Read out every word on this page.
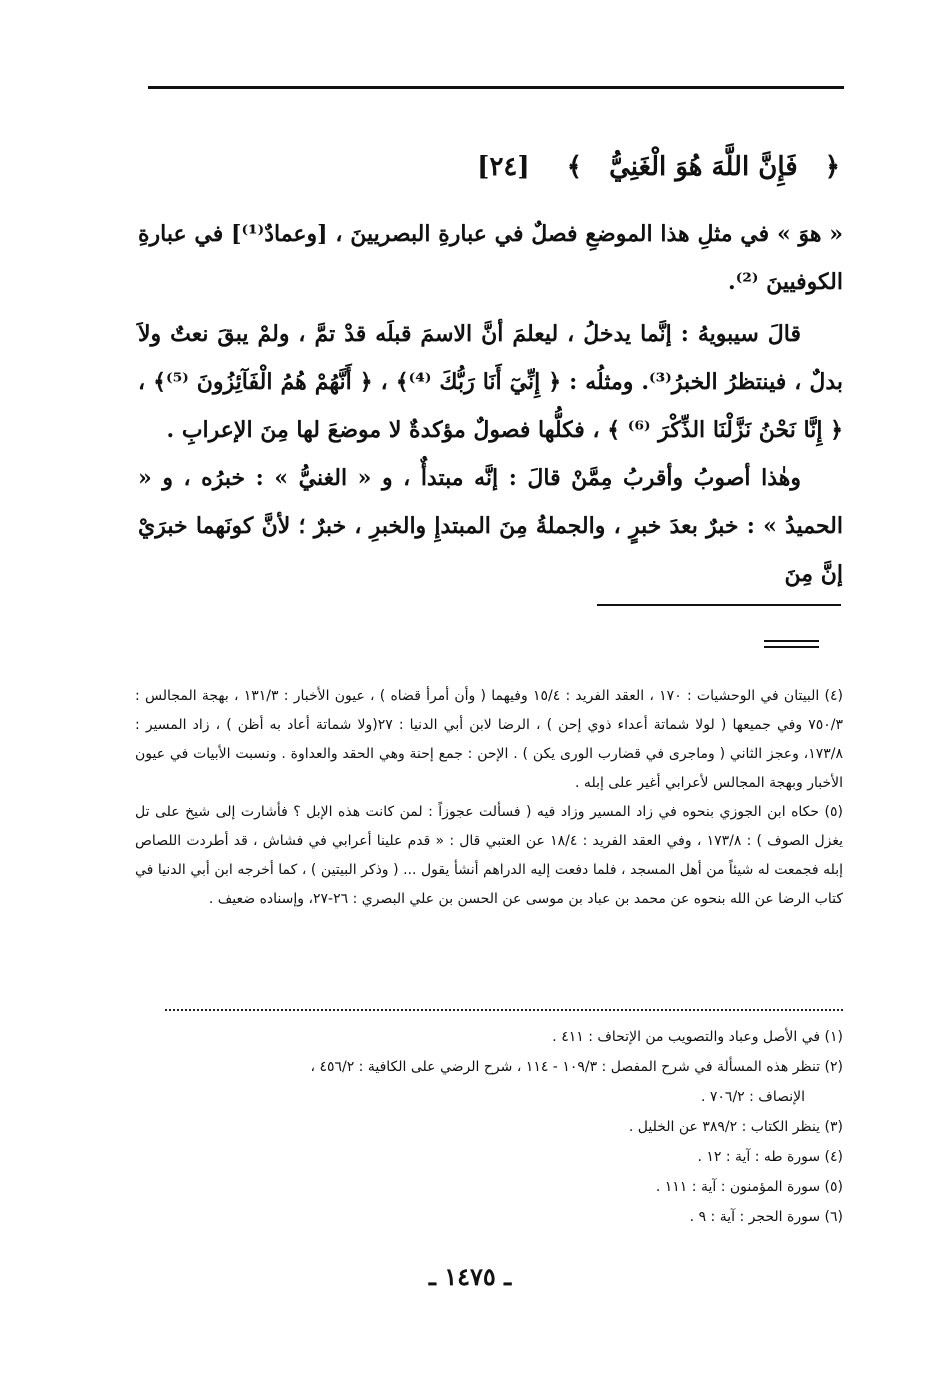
﴿ فَإِنَّ اللَّهَ هُوَ الْغَنِيُّ ﴾ [٢٤]

« هوَ » في مثلِ هذا الموضعِ فصلٌ في عبارةِ البصريينَ ، [وعمادٌ⁽¹⁾] في عبارةِ الكوفيينَ ⁽²⁾.

قالَ سيبويهُ : إنَّما يدخلُ ، ليعلمَ أنَّ الاسمَ قبلَه قدْ تمَّ ، ولمْ يبقَ نعتٌ ولاَ بدلٌ ، فينتظرُ الخبرُ⁽³⁾. ومثلُه : ﴿ إِنِّيٓ أَنَا رَبُّكَ ⁽⁴⁾﴾ ، ﴿ أَنَّهُمْ هُمُ الْفَآئِزُونَ ⁽⁵⁾﴾ ، ﴿ إِنَّا نَحْنُ نَزَّلْنَا الذِّكْرَ ⁽⁶⁾ ﴾ ، فكلُّها فصولٌ مؤكدةٌ لا موضعَ لها مِنَ الإعرابِ .

وهٰذا أصوبُ وأقربُ مِمَّنْ قالَ : إنَّه مبتدأٌ ، و « الغنيُّ » : خبرُه ، و « الحميدُ » : خبرٌ بعدَ خبرٍ ، والجملةُ مِنَ المبتدإِ والخبرِ ، خبرٌ ؛ لأنَّ كونَهما خبرَيْ إنَّ مِنَ

(٤) البيتان في الوحشيات : ١٧٠ ، العقد الفريد : ١٥/٤ وفيهما ( وأن أمرأ قضاه ) ، عيون الأخبار : ١٣١/٣ ، بهجة المجالس : ٧٥٠/٣ وفي جميعها ( لولا شماتة أعداء ذوي إحن ) ، الرضا لابن أبي الدنيا : ٢٧(ولا شماتة أعاد به أظن ) ، زاد المسير : ١٧٣/٨، وعجز الثاني ( وماجرى في قضارب الورى يكن ) . الإحن : جمع إحنة وهي الحقد والعداوة . ونسبت الأبيات في عيون الأخبار وبهجة المجالس لأعرابي أغير على إبله .

(٥) حكاه ابن الجوزي بنحوه في زاد المسير وزاد فيه ( فسألت عجوزاً : لمن كانت هذه الإبل ؟ فأشارت إلى شيخ على تل يغزل الصوف ) : ١٧٣/٨ ، وفي العقد الفريد : ١٨/٤ عن العتبي قال : « قدم علينا أعرابي في فشاش ، قد أطردت اللصاص إبله فجمعت له شيئاً من أهل المسجد ، فلما دفعت إليه الدراهم أنشأ يقول ... ( وذكر البيتين ) ، كما أخرجه ابن أبي الدنيا في كتاب الرضا عن الله بنحوه عن محمد بن عباد بن موسى عن الحسن بن علي البصري : ٢٦-٢٧، وإسناده ضعيف .

(١) في الأصل وعباد والتصويب من الإتحاف : ٤١١ .

(٢) تنظر هذه المسألة في شرح المفصل : ١٠٩/٣ - ١١٤ ، شرح الرضي على الكافية : ٤٥٦/٢ ،

الإنصاف : ٧٠٦/٢ .

(٣) ينظر الكتاب : ٣٨٩/٢ عن الخليل .

(٤) سورة طه : آية : ١٢ .

(٥) سورة المؤمنون : آية : ١١١ .

(٦) سورة الحجر : آية : ٩ .

ـ ١٤٧٥ ـ
